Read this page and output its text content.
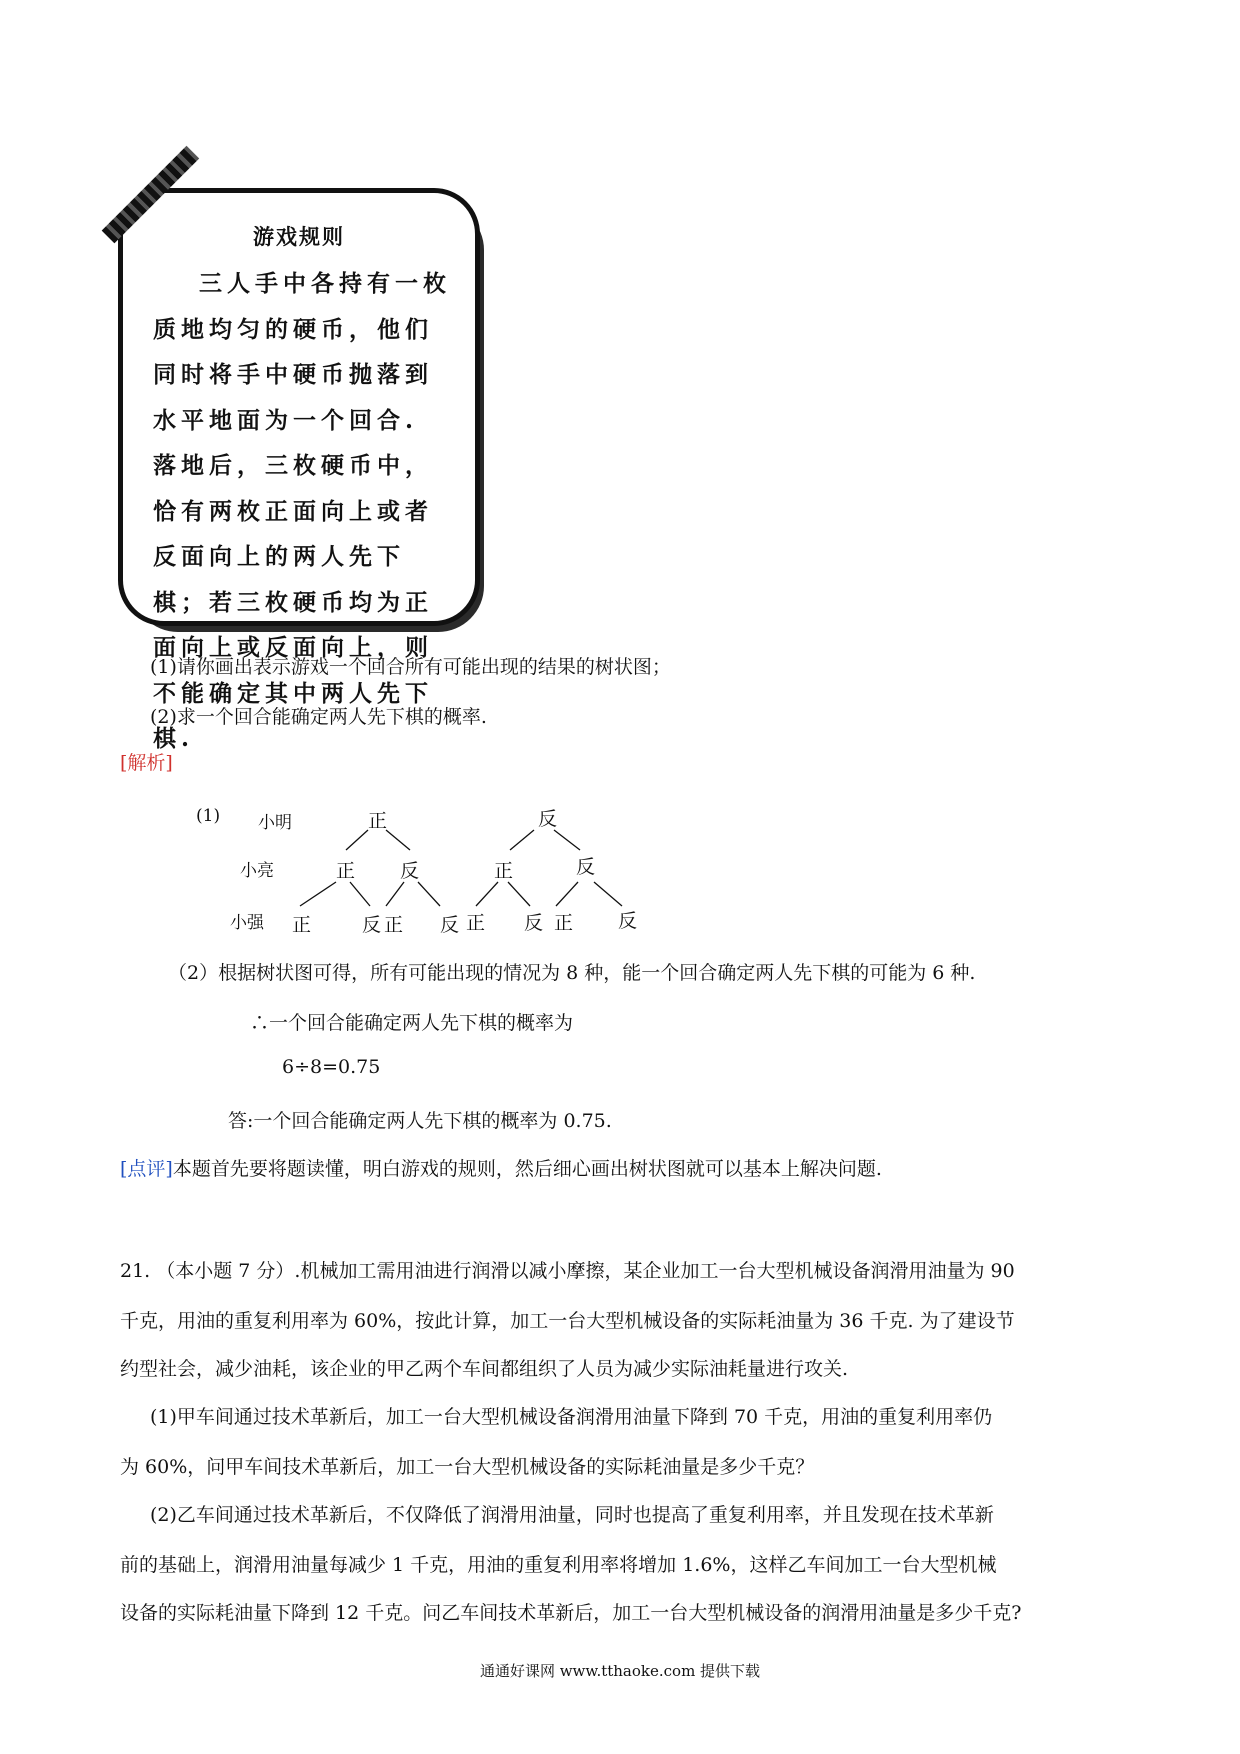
游戏规则
三人手中各持有一枚质地均匀的硬币，他们同时将手中硬币抛落到水平地面为一个回合. 落地后，三枚硬币中，恰有两枚正面向上或者反面向上的两人先下棋；若三枚硬币均为正面向上或反面向上，则不能确定其中两人先下棋.
(1)请你画出表示游戏一个回合所有可能出现的结果的树状图；
(2)求一个回合能确定两人先下棋的概率.
[解析]
(1) 小明
小亮
小强
正	反
正 反	正	反
正	反 正 反 正 反 正 反
（2）根据树状图可得，所有可能出现的情况为 8 种，能一个回合确定两人先下棋的可能为 6 种.
∴一个回合能确定两人先下棋的概率为
6÷8=0.75
答:一个回合能确定两人先下棋的概率为 0.75.
[点评]本题首先要将题读懂，明白游戏的规则，然后细心画出树状图就可以基本上解决问题.
21. （本小题 7 分）.机械加工需用油进行润滑以减小摩擦，某企业加工一台大型机械设备润滑用油量为 90
千克，用油的重复利用率为 60%，按此计算，加工一台大型机械设备的实际耗油量为 36 千克. 为了建设节
约型社会，减少油耗，该企业的甲乙两个车间都组织了人员为减少实际油耗量进行攻关.
(1)甲车间通过技术革新后，加工一台大型机械设备润滑用油量下降到 70 千克，用油的重复利用率仍
为 60%，问甲车间技术革新后，加工一台大型机械设备的实际耗油量是多少千克？
(2)乙车间通过技术革新后，不仅降低了润滑用油量，同时也提高了重复利用率，并且发现在技术革新
前的基础上，润滑用油量每减少 1 千克，用油的重复利用率将增加 1.6%，这样乙车间加工一台大型机械
设备的实际耗油量下降到 12 千克。问乙车间技术革新后，加工一台大型机械设备的润滑用油量是多少千克?
通通好课网 www.tthaoke.com 提供下载
